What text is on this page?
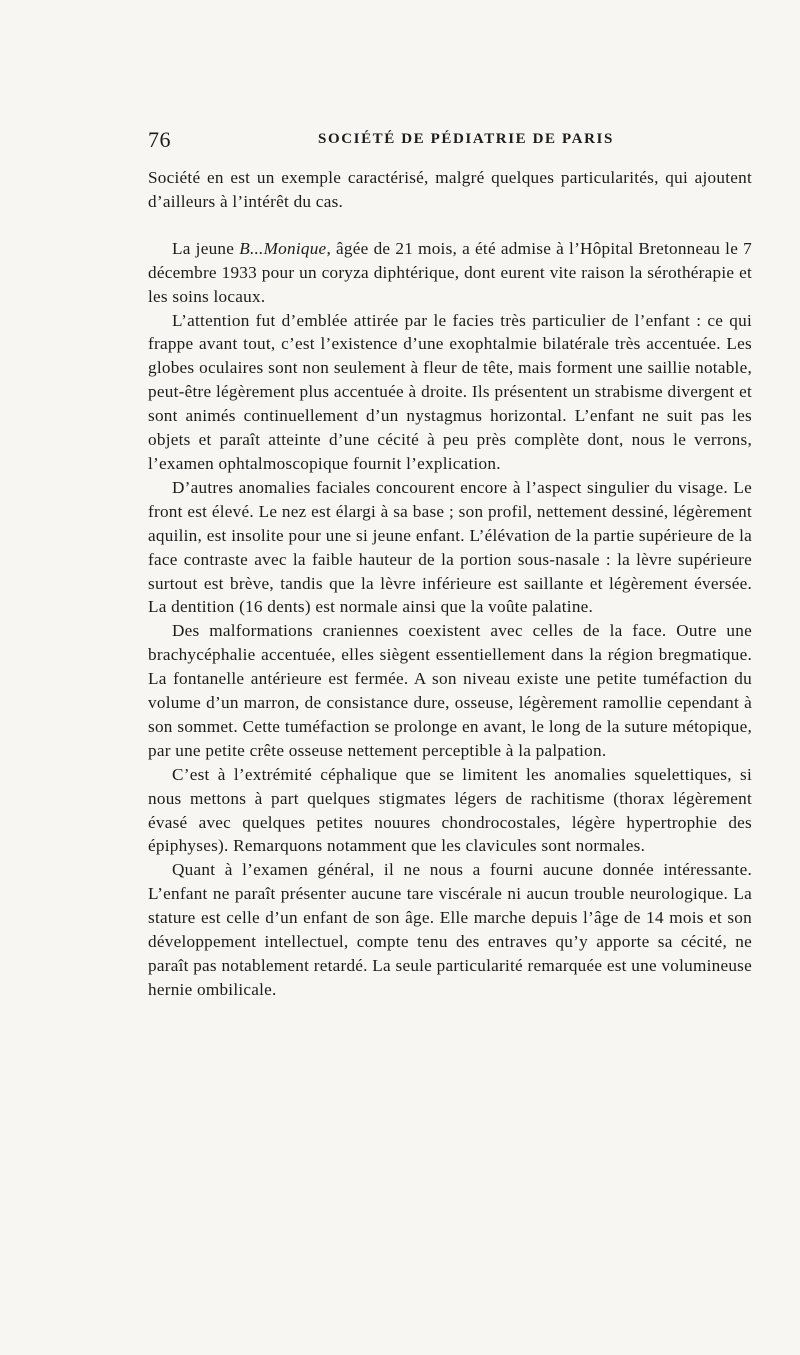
76	SOCIÉTÉ DE PÉDIATRIE DE PARIS

Société en est un exemple caractérisé, malgré quelques particularités, qui ajoutent d’ailleurs à l’intérêt du cas.

La jeune B...Monique, âgée de 21 mois, a été admise à l’Hôpital Bretonneau le 7 décembre 1933 pour un coryza diphtérique, dont eurent vite raison la sérothérapie et les soins locaux.

L’attention fut d’emblée attirée par le facies très particulier de l’enfant : ce qui frappe avant tout, c’est l’existence d’une exophtalmie bilatérale très accentuée. Les globes oculaires sont non seulement à fleur de tête, mais forment une saillie notable, peut-être légèrement plus accentuée à droite. Ils présentent un strabisme divergent et sont animés continuellement d’un nystagmus horizontal. L’enfant ne suit pas les objets et paraît atteinte d’une cécité à peu près complète dont, nous le verrons, l’examen ophtalmoscopique fournit l’explication.

D’autres anomalies faciales concourent encore à l’aspect singulier du visage. Le front est élevé. Le nez est élargi à sa base ; son profil, nettement dessiné, légèrement aquilin, est insolite pour une si jeune enfant. L’élévation de la partie supérieure de la face contraste avec la faible hauteur de la portion sous-nasale : la lèvre supérieure surtout est brève, tandis que la lèvre inférieure est saillante et légèrement éversée. La dentition (16 dents) est normale ainsi que la voûte palatine.

Des malformations craniennes coexistent avec celles de la face. Outre une brachycéphalie accentuée, elles siègent essentiellement dans la région bregmatique. La fontanelle antérieure est fermée. A son niveau existe une petite tuméfaction du volume d’un marron, de consistance dure, osseuse, légèrement ramollie cependant à son sommet. Cette tuméfaction se prolonge en avant, le long de la suture métopique, par une petite crête osseuse nettement perceptible à la palpation.

C’est à l’extrémité céphalique que se limitent les anomalies squelettiques, si nous mettons à part quelques stigmates légers de rachitisme (thorax légèrement évasé avec quelques petites nouures chondrocostales, légère hypertrophie des épiphyses). Remarquons notamment que les clavicules sont normales.

Quant à l’examen général, il ne nous a fourni aucune donnée intéressante. L’enfant ne paraît présenter aucune tare viscérale ni aucun trouble neurologique. La stature est celle d’un enfant de son âge. Elle marche depuis l’âge de 14 mois et son développement intellectuel, compte tenu des entraves qu’y apporte sa cécité, ne paraît pas notablement retardé. La seule particularité remarquée est une volumineuse hernie ombilicale.
